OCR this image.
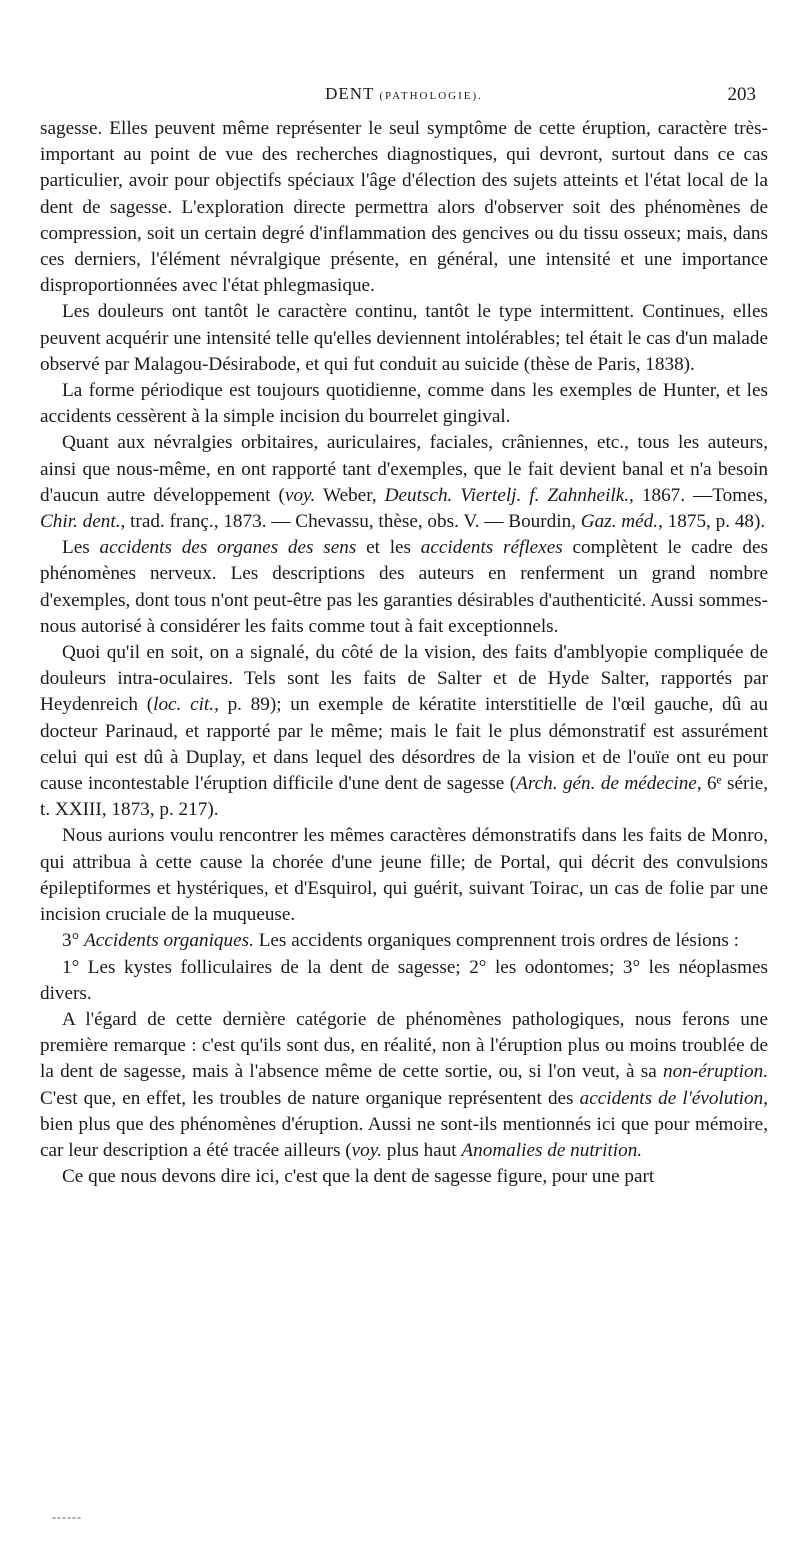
DENT (PATHOLOGIE).	203

sagesse. Elles peuvent même représenter le seul symptôme de cette éruption, caractère très-important au point de vue des recherches diagnostiques, qui devront, surtout dans ce cas particulier, avoir pour objectifs spéciaux l'âge d'élection des sujets atteints et l'état local de la dent de sagesse. L'exploration directe permettra alors d'observer soit des phénomènes de compression, soit un certain degré d'inflammation des gencives ou du tissu osseux; mais, dans ces derniers, l'élément névralgique présente, en général, une intensité et une importance disproportionnées avec l'état phlegmasique.

Les douleurs ont tantôt le caractère continu, tantôt le type intermittent. Continues, elles peuvent acquérir une intensité telle qu'elles deviennent intolérables; tel était le cas d'un malade observé par Malagou-Désirabode, et qui fut conduit au suicide (thèse de Paris, 1838).

La forme périodique est toujours quotidienne, comme dans les exemples de Hunter, et les accidents cessèrent à la simple incision du bourrelet gingival.

Quant aux névralgies orbitaires, auriculaires, faciales, crâniennes, etc., tous les auteurs, ainsi que nous-même, en ont rapporté tant d'exemples, que le fait devient banal et n'a besoin d'aucun autre développement (voy. Weber, Deutsch. Viertelj. f. Zahnheilk., 1867. —Tomes, Chir. dent., trad. franç., 1873. — Chevassu, thèse, obs. V. — Bourdin, Gaz. méd., 1875, p. 48).

Les accidents des organes des sens et les accidents réflexes complètent le cadre des phénomènes nerveux. Les descriptions des auteurs en renferment un grand nombre d'exemples, dont tous n'ont peut-être pas les garanties désirables d'authenticité. Aussi sommes-nous autorisé à considérer les faits comme tout à fait exceptionnels.

Quoi qu'il en soit, on a signalé, du côté de la vision, des faits d'amblyopie compliquée de douleurs intra-oculaires. Tels sont les faits de Salter et de Hyde Salter, rapportés par Heydenreich (loc. cit., p. 89); un exemple de kératite interstitielle de l'œil gauche, dû au docteur Parinaud, et rapporté par le même; mais le fait le plus démonstratif est assurément celui qui est dû à Duplay, et dans lequel des désordres de la vision et de l'ouïe ont eu pour cause incontestable l'éruption difficile d'une dent de sagesse (Arch. gén. de médecine, 6ᵉ série, t. XXIII, 1873, p. 217).

Nous aurions voulu rencontrer les mêmes caractères démonstratifs dans les faits de Monro, qui attribua à cette cause la chorée d'une jeune fille; de Portal, qui décrit des convulsions épileptiformes et hystériques, et d'Esquirol, qui guérit, suivant Toirac, un cas de folie par une incision cruciale de la muqueuse.

3° Accidents organiques. Les accidents organiques comprennent trois ordres de lésions :

1° Les kystes folliculaires de la dent de sagesse; 2° les odontomes; 3° les néoplasmes divers.

A l'égard de cette dernière catégorie de phénomènes pathologiques, nous ferons une première remarque : c'est qu'ils sont dus, en réalité, non à l'éruption plus ou moins troublée de la dent de sagesse, mais à l'absence même de cette sortie, ou, si l'on veut, à sa non-éruption. C'est que, en effet, les troubles de nature organique représentent des accidents de l'évolution, bien plus que des phénomènes d'éruption. Aussi ne sont-ils mentionnés ici que pour mémoire, car leur description a été tracée ailleurs (voy. plus haut Anomalies de nutrition.

Ce que nous devons dire ici, c'est que la dent de sagesse figure, pour une part

------
